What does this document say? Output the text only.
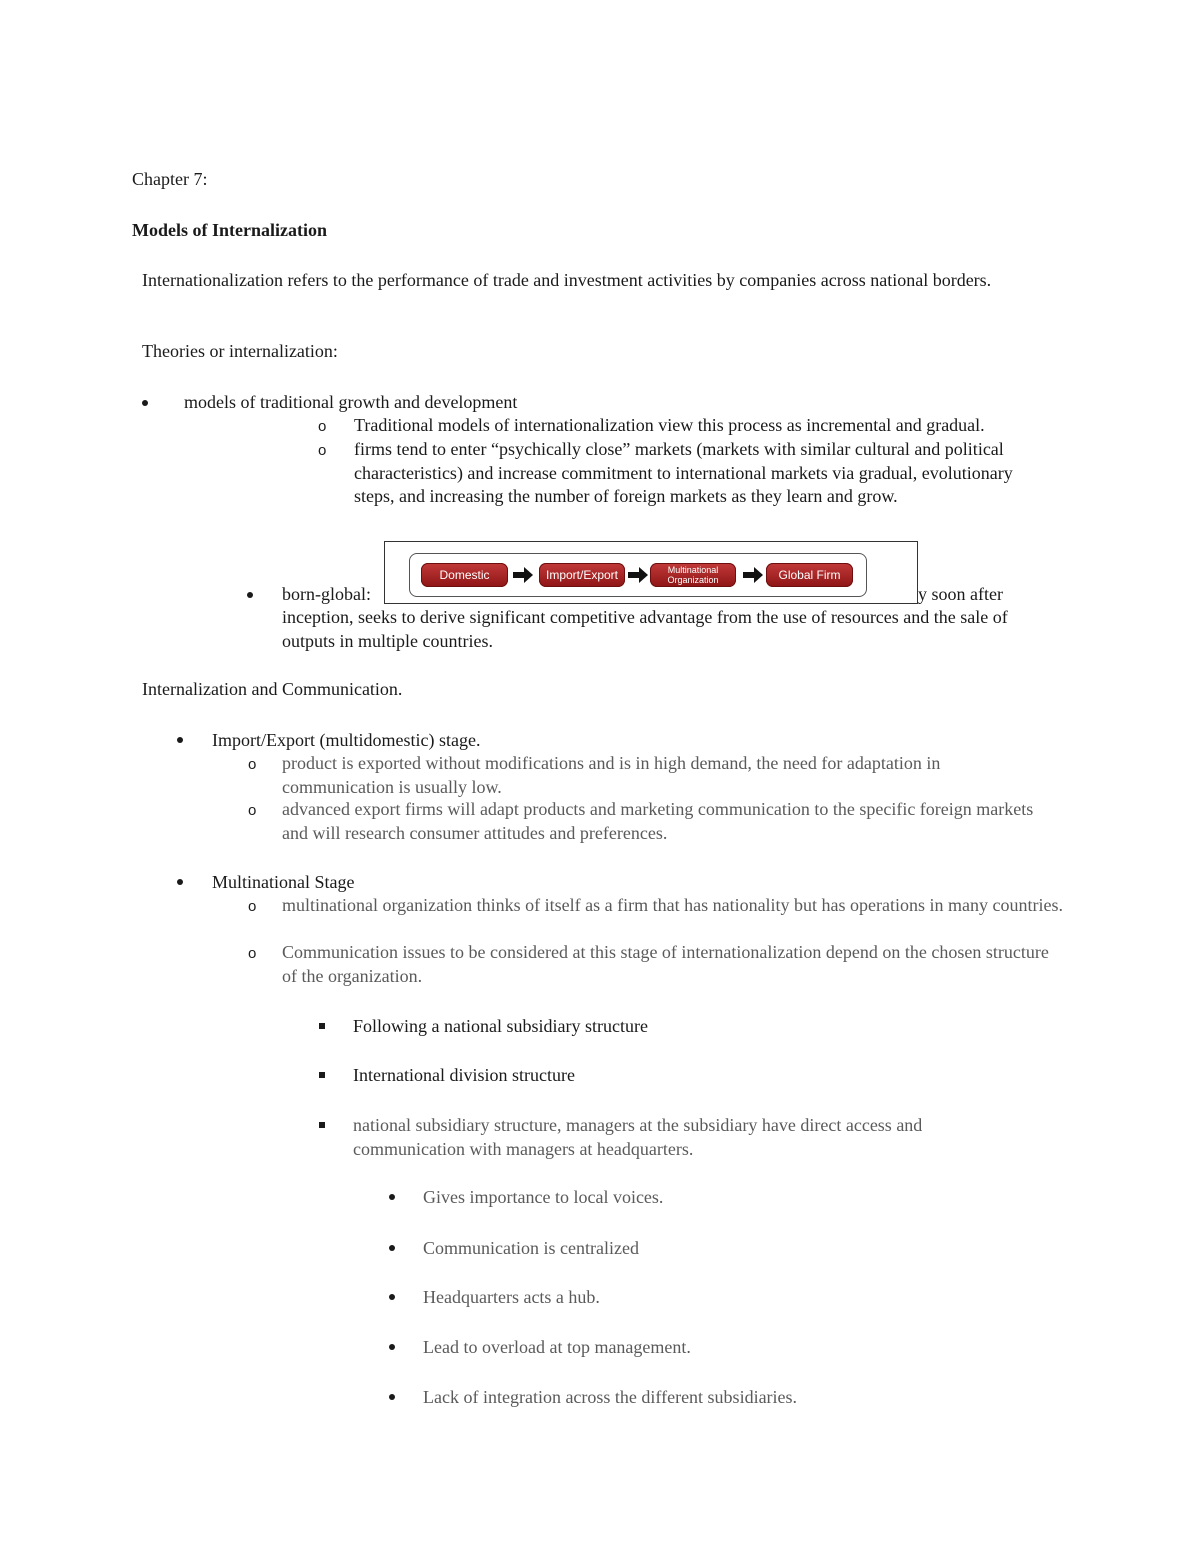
Chapter 7:
Models of Internalization
Internationalization refers to the performance of trade and investment activities by companies across national borders.
Theories or internalization:
models of traditional growth and development
o Traditional models of internationalization view this process as incremental and gradual.
o firms tend to enter “psychically close” markets (markets with similar cultural and political characteristics) and increase commitment to international markets via gradual, evolutionary steps, and increasing the number of foreign markets as they learn and grow.
born-global:	y soon after
inception, seeks to derive significant competitive advantage from the use of resources and the sale of outputs in multiple countries.
Domestic	Import/Export	Multinational Organization	Global Firm
Internalization and Communication.
Import/Export (multidomestic) stage.
o product is exported without modifications and is in high demand, the need for adaptation in communication is usually low.
o advanced export firms will adapt products and marketing communication to the specific foreign markets and will research consumer attitudes and preferences.
Multinational Stage
o multinational organization thinks of itself as a firm that has nationality but has operations in many countries.
o Communication issues to be considered at this stage of internationalization depend on the chosen structure of the organization.
Following a national subsidiary structure
International division structure
national subsidiary structure, managers at the subsidiary have direct access and communication with managers at headquarters.
Gives importance to local voices.
Communication is centralized
Headquarters acts a hub.
Lead to overload at top management.
Lack of integration across the different subsidiaries.
